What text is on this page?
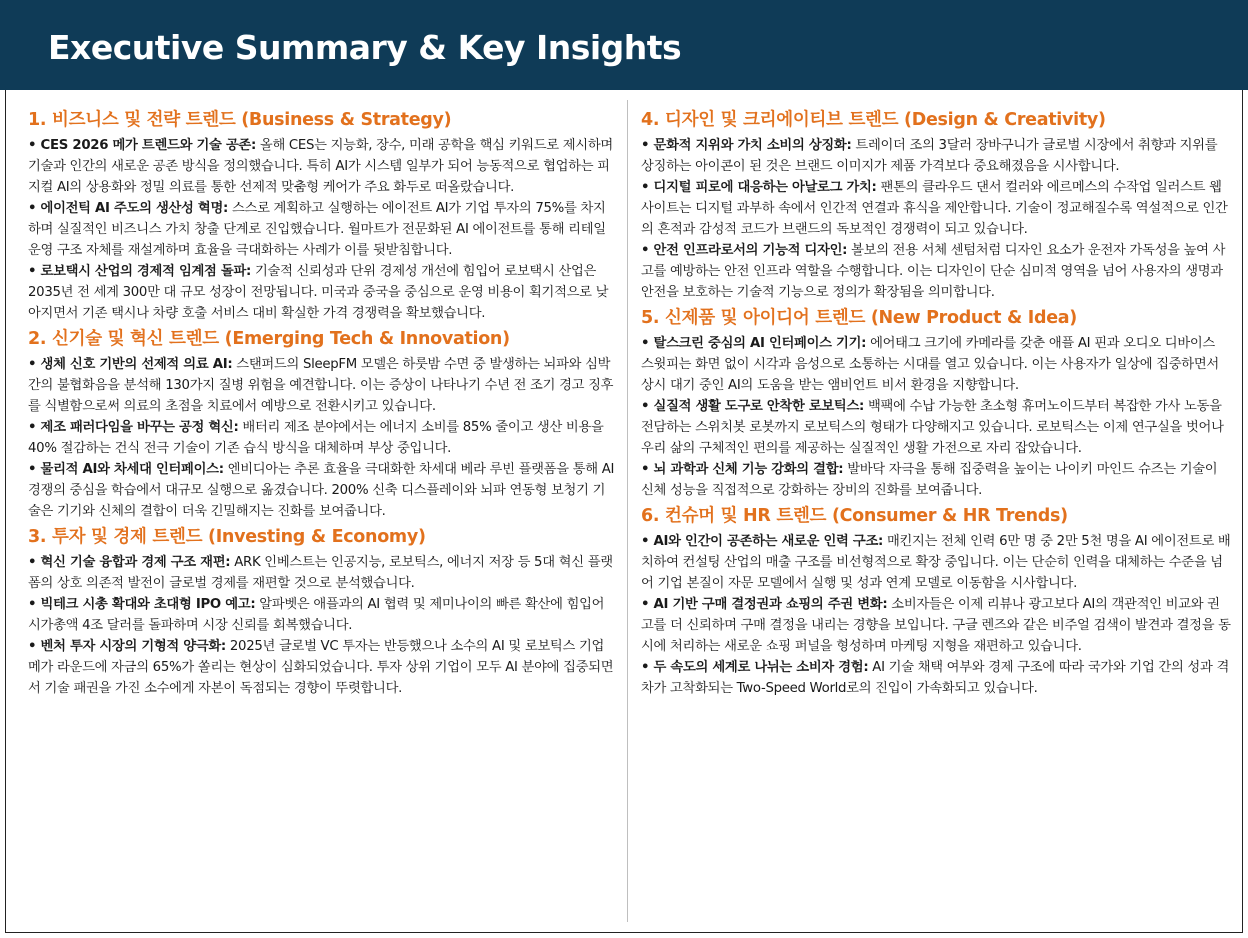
Executive Summary & Key Insights
1. 비즈니스 및 전략 트렌드 (Business & Strategy)

• CES 2026 메가 트렌드와 기술 공존: 올해 CES는 지능화, 장수, 미래 공학을 핵심 키워드로 제시하며 기술과 인간의 새로운 공존 방식을 정의했습니다. 특히 AI가 시스템 일부가 되어 능동적으로 협업하는 피지컬 AI의 상용화와 정밀 의료를 통한 선제적 맞춤형 케어가 주요 화두로 떠올랐습니다.

• 에이전틱 AI 주도의 생산성 혁명: 스스로 계획하고 실행하는 에이전트 AI가 기업 투자의 75%를 차지하며 실질적인 비즈니스 가치 창출 단계로 진입했습니다. 월마트가 전문화된 AI 에이전트를 통해 리테일 운영 구조 자체를 재설계하며 효율을 극대화하는 사례가 이를 뒷받침합니다.

• 로보택시 산업의 경제적 임계점 돌파: 기술적 신뢰성과 단위 경제성 개선에 힘입어 로보택시 산업은 2035년 전 세계 300만 대 규모 성장이 전망됩니다. 미국과 중국을 중심으로 운영 비용이 획기적으로 낮아지면서 기존 택시나 차량 호출 서비스 대비 확실한 가격 경쟁력을 확보했습니다.

2. 신기술 및 혁신 트렌드 (Emerging Tech & Innovation)

• 생체 신호 기반의 선제적 의료 AI: 스탠퍼드의 SleepFM 모델은 하룻밤 수면 중 발생하는 뇌파와 심박 간의 불협화음을 분석해 130가지 질병 위험을 예견합니다. 이는 증상이 나타나기 수년 전 조기 경고 징후를 식별함으로써 의료의 초점을 치료에서 예방으로 전환시키고 있습니다.

• 제조 패러다임을 바꾸는 공정 혁신: 배터리 제조 분야에서는 에너지 소비를 85% 줄이고 생산 비용을 40% 절감하는 건식 전극 기술이 기존 습식 방식을 대체하며 부상 중입니다.

• 물리적 AI와 차세대 인터페이스: 엔비디아는 추론 효율을 극대화한 차세대 베라 루빈 플랫폼을 통해 AI 경쟁의 중심을 학습에서 대규모 실행으로 옮겼습니다. 200% 신축 디스플레이와 뇌파 연동형 보청기 기술은 기기와 신체의 결합이 더욱 긴밀해지는 진화를 보여줍니다.

3. 투자 및 경제 트렌드 (Investing & Economy)

• 혁신 기술 융합과 경제 구조 재편: ARK 인베스트는 인공지능, 로보틱스, 에너지 저장 등 5대 혁신 플랫폼의 상호 의존적 발전이 글로벌 경제를 재편할 것으로 분석했습니다.

• 빅테크 시총 확대와 초대형 IPO 예고: 알파벳은 애플과의 AI 협력 및 제미나이의 빠른 확산에 힘입어 시가총액 4조 달러를 돌파하며 시장 신뢰를 회복했습니다.

• 벤처 투자 시장의 기형적 양극화: 2025년 글로벌 VC 투자는 반등했으나 소수의 AI 및 로보틱스 기업 메가 라운드에 자금의 65%가 쏠리는 현상이 심화되었습니다. 투자 상위 기업이 모두 AI 분야에 집중되면서 기술 패권을 가진 소수에게 자본이 독점되는 경향이 뚜렷합니다.

4. 디자인 및 크리에이티브 트렌드 (Design & Creativity)

• 문화적 지위와 가치 소비의 상징화: 트레이더 조의 3달러 장바구니가 글로벌 시장에서 취향과 지위를 상징하는 아이콘이 된 것은 브랜드 이미지가 제품 가격보다 중요해졌음을 시사합니다.

• 디지털 피로에 대응하는 아날로그 가치: 팬톤의 클라우드 댄서 컬러와 에르메스의 수작업 일러스트 웹사이트는 디지털 과부하 속에서 인간적 연결과 휴식을 제안합니다. 기술이 정교해질수록 역설적으로 인간의 흔적과 감성적 코드가 브랜드의 독보적인 경쟁력이 되고 있습니다.

• 안전 인프라로서의 기능적 디자인: 볼보의 전용 서체 센텀처럼 디자인 요소가 운전자 가독성을 높여 사고를 예방하는 안전 인프라 역할을 수행합니다. 이는 디자인이 단순 심미적 영역을 넘어 사용자의 생명과 안전을 보호하는 기술적 기능으로 정의가 확장됨을 의미합니다.

5. 신제품 및 아이디어 트렌드 (New Product & Idea)

• 탈스크린 중심의 AI 인터페이스 기기: 에어태그 크기에 카메라를 갖춘 애플 AI 핀과 오디오 디바이스 스윗피는 화면 없이 시각과 음성으로 소통하는 시대를 열고 있습니다. 이는 사용자가 일상에 집중하면서 상시 대기 중인 AI의 도움을 받는 앰비언트 비서 환경을 지향합니다.

• 실질적 생활 도구로 안착한 로보틱스: 백팩에 수납 가능한 초소형 휴머노이드부터 복잡한 가사 노동을 전담하는 스위치봇 로봇까지 로보틱스의 형태가 다양해지고 있습니다. 로보틱스는 이제 연구실을 벗어나 우리 삶의 구체적인 편의를 제공하는 실질적인 생활 가전으로 자리 잡았습니다.

• 뇌 과학과 신체 기능 강화의 결합: 발바닥 자극을 통해 집중력을 높이는 나이키 마인드 슈즈는 기술이 신체 성능을 직접적으로 강화하는 장비의 진화를 보여줍니다.

6. 컨슈머 및 HR 트렌드 (Consumer & HR Trends)

• AI와 인간이 공존하는 새로운 인력 구조: 매킨지는 전체 인력 6만 명 중 2만 5천 명을 AI 에이전트로 배치하여 컨설팅 산업의 매출 구조를 비선형적으로 확장 중입니다. 이는 단순히 인력을 대체하는 수준을 넘어 기업 본질이 자문 모델에서 실행 및 성과 연계 모델로 이동함을 시사합니다.

• AI 기반 구매 결정권과 쇼핑의 주권 변화: 소비자들은 이제 리뷰나 광고보다 AI의 객관적인 비교와 권고를 더 신뢰하며 구매 결정을 내리는 경향을 보입니다. 구글 렌즈와 같은 비주얼 검색이 발견과 결정을 동시에 처리하는 새로운 쇼핑 퍼널을 형성하며 마케팅 지형을 재편하고 있습니다.

• 두 속도의 세계로 나뉘는 소비자 경험: AI 기술 채택 여부와 경제 구조에 따라 국가와 기업 간의 성과 격차가 고착화되는 Two-Speed World로의 진입이 가속화되고 있습니다.
